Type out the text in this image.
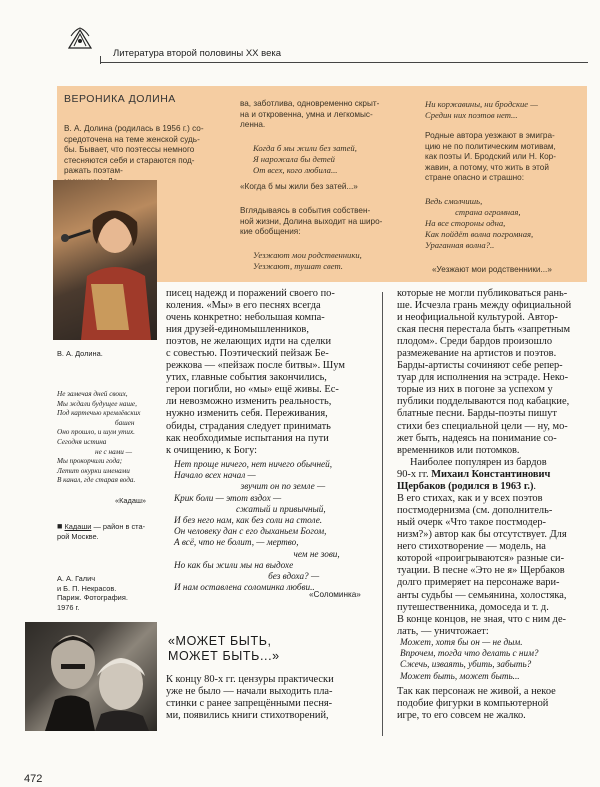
Литература второй половины XX века
ВЕРОНИКА ДОЛИНА
В. А. Долина (родилась в 1956 г.) со-
средоточена на теме женской судь-
бы. Бывает, что поэтессы немного
стесняются себя и стараются под-
ражать поэтам-

ва, заботлива, одновременно скрыт-
на и откровенна, умна и легкомыс-
ленна.
Когда б мы жили без затей,
Я нарожала бы детей
От всех, кого любила...
«Когда б мы жили без затей...»
Вглядываясь в события собствен-
ной жизни, Долина выходит на широ-
кие обобщения:
Уезжают мои родственники,
Уезжают, тушат свет.
Ни коржавины, ни бродские —
Средин них поэтов нет...
Родные автора уезжают в эмигра-
цию не по политическим мотивам,
как поэты И. Бродский или Н. Кор-
жавин, а потому, что жить в этой
стране опасно и страшно:
Ведь смолчишь,
страна огромная,
На все стороны одна,
Как пойдёт волна погромная,
Ураганная волна?..
«Уезжают мои родственники...»
В. А. Долина.
Не замечая дней своих,
Мы ждали будущее наше,
Под картечью кремлёвских
башен
Оно прошло, и шум утих.
Сегодня истина
не с нами —
Мы прокорчили года;
Летит окурки именами
В канал, где старая вода.
«Кадаш»
■ Кадаши — район в ста-
рой Москве.
А. А. Галич
и Б. П. Некрасов.
Париж. Фотография.
1976 г.
писец надежд и поражений своего по-
коления. «Мы» в его песнях всегда
очень конкретно: небольшая компа-
ния друзей-единомышленников,
поэтов, не желающих идти на сделки
с совестью. Поэтический пейзаж Бе-
режкова — «пейзаж после битвы». Шум
утих, главные события закончились,
герои погибли, но «мы» ещё живы. Ес-
ли невозможно изменить реальность,
нужно изменить себя. Переживания,
обиды, страдания следует принимать
как необходимые испытания на пути
к очищению, к Богу:
Нет проще ничего, нет ничего обычней,
Начало всех начал —
звучит он по земле —
Крик боли — этот вздох —
сжатый и привычный,
И без него нам, как без соли на столе.
Он человеку дан с его дыханьем Богом,
А всё, что не болит, — мертво,
чем не зови,
Но как бы жили мы на выдохе
без вдоха? —
И нам оставлена соломинка любви..
«Соломинка»
«МОЖЕТ БЫТЬ,
МОЖЕТ БЫТЬ...»
К концу 80-х гг. цензуры практически
уже не было — начали выходить пла-
стинки с ранее запрещёнными песня-
ми, появились книги стихотворений,
которые не могли публиковаться рань-
ше. Исчезла грань между официальной
и неофициальной культурой. Автор-
ская песня перестала быть «запретным
плодом». Среди бардов произошло
размежевание на артистов и поэтов.
Барды-артисты сочиняют себе репер-
туар для исполнения на эстраде. Неко-
торые из них в погоне за успехом у
публики подделываются под кабацкие,
блатные песни. Барды-поэты пишут
стихи без специальной цели — ну, мо-
жет быть, надеясь на понимание со-
временников или потомков.
Наиболее популярен из бардов
90-х гг. Михаил Константинович
Щербаков (родился в 1963 г.).
В его стихах, как и у всех поэтов
постмодернизма (см. дополнитель-
ный очерк «Что такое постмодер-
низм?») автор как бы отсутствует. Для
него стихотворение — модель, на
которой «проигрываются» разные си-
туации. В песне «Это не я» Щербаков
долго примеряет на персонаже вари-
анты судьбы — семьянина, холостяка,
путешественника, домоседа и т. д.
В конце концов, не зная, что с ним де-
лать, — уничтожает:
Может, хотя бы он — не дым.
Впрочем, тогда что делать с ним?
Сжечь, изваять, убить, забыть?
Может быть, может быть...
Так как персонаж не живой, а некое
подобие фигурки в компьютерной
игре, то его совсем не жалко.
472
